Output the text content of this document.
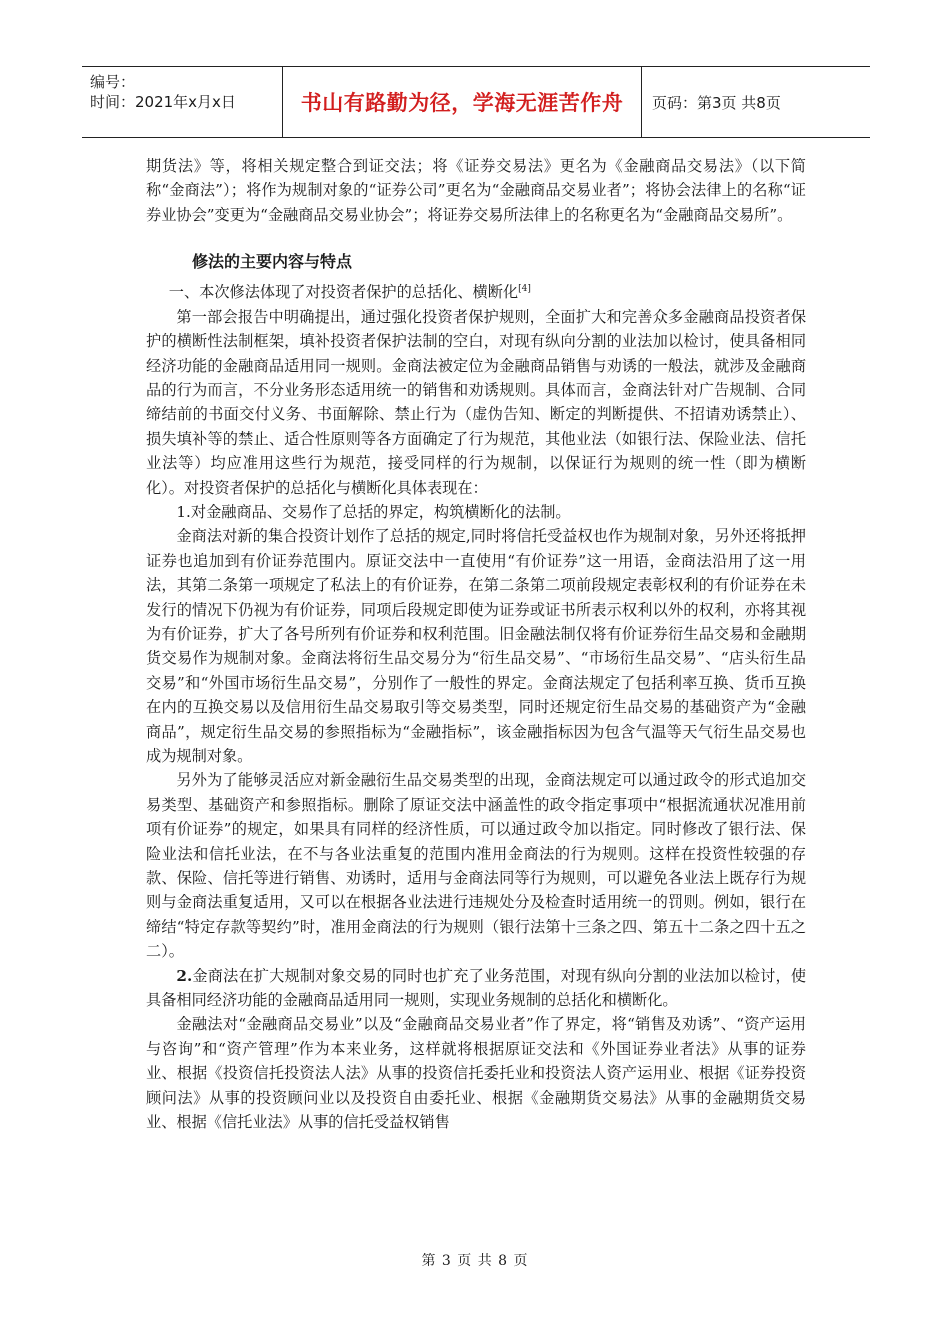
编号：
时间：2021年x月x日	书山有路勤为径，学海无涯苦作舟 页码：第3页 共8页

期货法》等，将相关规定整合到证交法；将《证券交易法》更名为《金融商品交易法》（以下简称“金商法”）；将作为规制对象的“证券公司”更名为“金融商品交易业者”；将协会法律上的名称“证券业协会”变更为“金融商品交易业协会”；将证券交易所法律上的名称更名为“金融商品交易所”。

修法的主要内容与特点

一、本次修法体现了对投资者保护的总括化、横断化[4]

第一部会报告中明确提出，通过强化投资者保护规则，全面扩大和完善众多金融商品投资者保护的横断性法制框架，填补投资者保护法制的空白，对现有纵向分割的业法加以检讨，使具备相同经济功能的金融商品适用同一规则。金商法被定位为金融商品销售与劝诱的一般法，就涉及金融商品的行为而言，不分业务形态适用统一的销售和劝诱规则。具体而言，金商法针对广告规制、合同缔结前的书面交付义务、书面解除、禁止行为（虚伪告知、断定的判断提供、不招请劝诱禁止）、损失填补等的禁止、适合性原则等各方面确定了行为规范，其他业法（如银行法、保险业法、信托业法等）均应准用这些行为规范，接受同样的行为规制，以保证行为规则的统一性（即为横断化）。对投资者保护的总括化与横断化具体表现在：

1.对金融商品、交易作了总括的界定，构筑横断化的法制。

金商法对新的集合投资计划作了总括的规定,同时将信托受益权也作为规制对象，另外还将抵押证券也追加到有价证券范围内。原证交法中一直使用“有价证券”这一用语，金商法沿用了这一用法，其第二条第一项规定了私法上的有价证券，在第二条第二项前段规定表彰权利的有价证券在未发行的情况下仍视为有价证券，同项后段规定即使为证券或证书所表示权利以外的权利，亦将其视为有价证券，扩大了各号所列有价证券和权利范围。旧金融法制仅将有价证券衍生品交易和金融期货交易作为规制对象。金商法将衍生品交易分为“衍生品交易”、“市场衍生品交易”、“店头衍生品交易”和“外国市场衍生品交易”，分别作了一般性的界定。金商法规定了包括利率互换、货币互换在内的互换交易以及信用衍生品交易取引等交易类型，同时还规定衍生品交易的基础资产为“金融商品”，规定衍生品交易的参照指标为“金融指标”，该金融指标因为包含气温等天气衍生品交易也成为规制对象。

另外为了能够灵活应对新金融衍生品交易类型的出现，金商法规定可以通过政令的形式追加交易类型、基础资产和参照指标。删除了原证交法中涵盖性的政令指定事项中“根据流通状况准用前项有价证券”的规定，如果具有同样的经济性质，可以通过政令加以指定。同时修改了银行法、保险业法和信托业法，在不与各业法重复的范围内准用金商法的行为规则。这样在投资性较强的存款、保险、信托等进行销售、劝诱时，适用与金商法同等行为规则，可以避免各业法上既存行为规则与金商法重复适用，又可以在根据各业法进行违规处分及检查时适用统一的罚则。例如，银行在缔结“特定存款等契约”时，准用金商法的行为规则（银行法第十三条之四、第五十二条之四十五之二）。

2.金商法在扩大规制对象交易的同时也扩充了业务范围，对现有纵向分割的业法加以检讨，使具备相同经济功能的金融商品适用同一规则，实现业务规制的总括化和横断化。

金融法对“金融商品交易业”以及“金融商品交易业者”作了界定，将“销售及劝诱”、“资产运用与咨询”和“资产管理”作为本来业务，这样就将根据原证交法和《外国证券业者法》从事的证券业、根据《投资信托投资法人法》从事的投资信托委托业和投资法人资产运用业、根据《证券投资顾问法》从事的投资顾问业以及投资自由委托业、根据《金融期货交易法》从事的金融期货交易业、根据《信托业法》从事的信托受益权销售

第 3 页 共 8 页
